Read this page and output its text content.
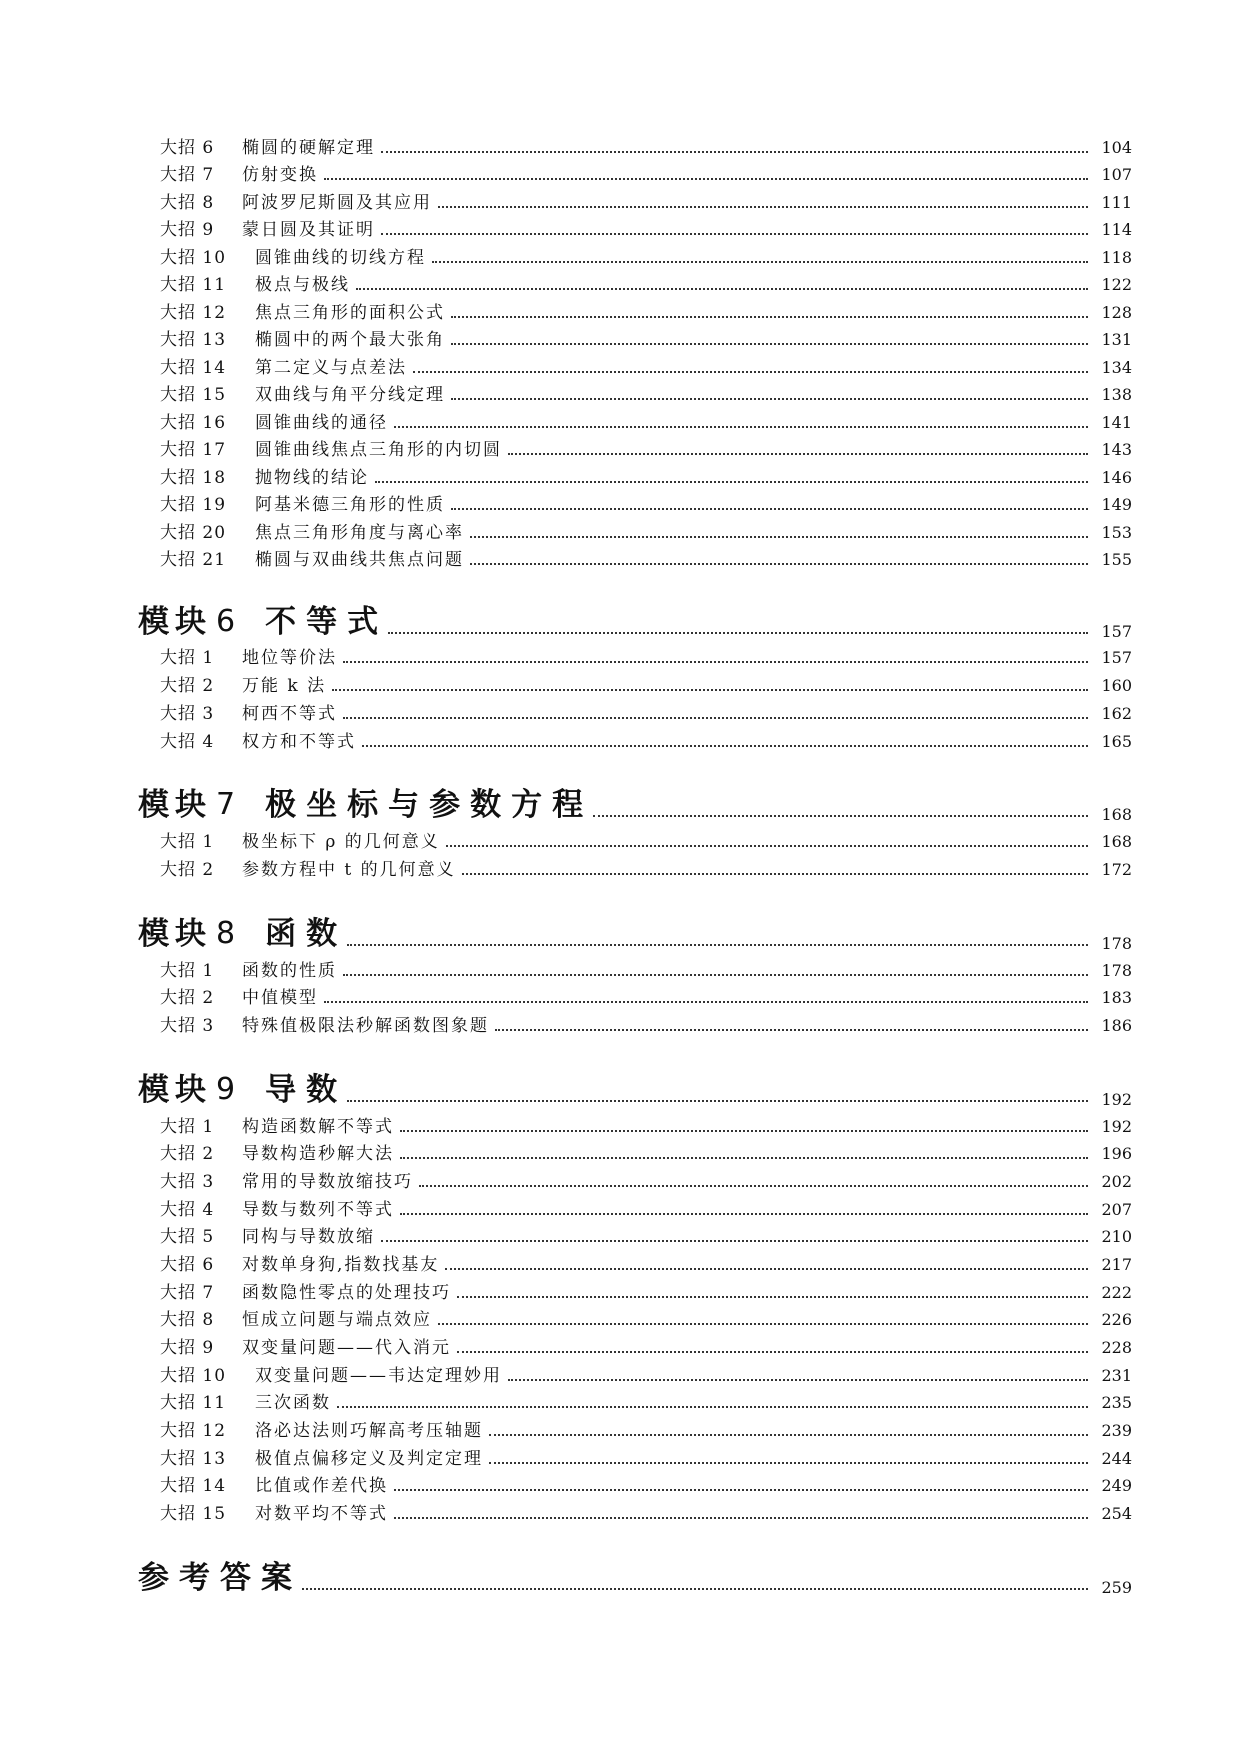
大招 6	椭圆的硬解定理	104
大招 7	仿射变换	107
大招 8	阿波罗尼斯圆及其应用	111
大招 9	蒙日圆及其证明	114
大招 10	圆锥曲线的切线方程	118
大招 11	极点与极线	122
大招 12	焦点三角形的面积公式	128
大招 13	椭圆中的两个最大张角	131
大招 14	第二定义与点差法	134
大招 15	双曲线与角平分线定理	138
大招 16	圆锥曲线的通径	141
大招 17	圆锥曲线焦点三角形的内切圆	143
大招 18	抛物线的结论	146
大招 19	阿基米德三角形的性质	149
大招 20	焦点三角形角度与离心率	153
大招 21	椭圆与双曲线共焦点问题	155
模块 6 不等式	157
大招 1	地位等价法	157
大招 2	万能 k 法	160
大招 3	柯西不等式	162
大招 4	权方和不等式	165
模块 7 极坐标与参数方程	168
大招 1	极坐标下 ρ 的几何意义	168
大招 2	参数方程中 t 的几何意义	172
模块 8 函数	178
大招 1	函数的性质	178
大招 2	中值模型	183
大招 3	特殊值极限法秒解函数图象题	186
模块 9 导数	192
大招 1	构造函数解不等式	192
大招 2	导数构造秒解大法	196
大招 3	常用的导数放缩技巧	202
大招 4	导数与数列不等式	207
大招 5	同构与导数放缩	210
大招 6	对数单身狗,指数找基友	217
大招 7	函数隐性零点的处理技巧	222
大招 8	恒成立问题与端点效应	226
大招 9	双变量问题——代入消元	228
大招 10	双变量问题——韦达定理妙用	231
大招 11	三次函数	235
大招 12	洛必达法则巧解高考压轴题	239
大招 13	极值点偏移定义及判定定理	244
大招 14	比值或作差代换	249
大招 15	对数平均不等式	254
参考答案	259
